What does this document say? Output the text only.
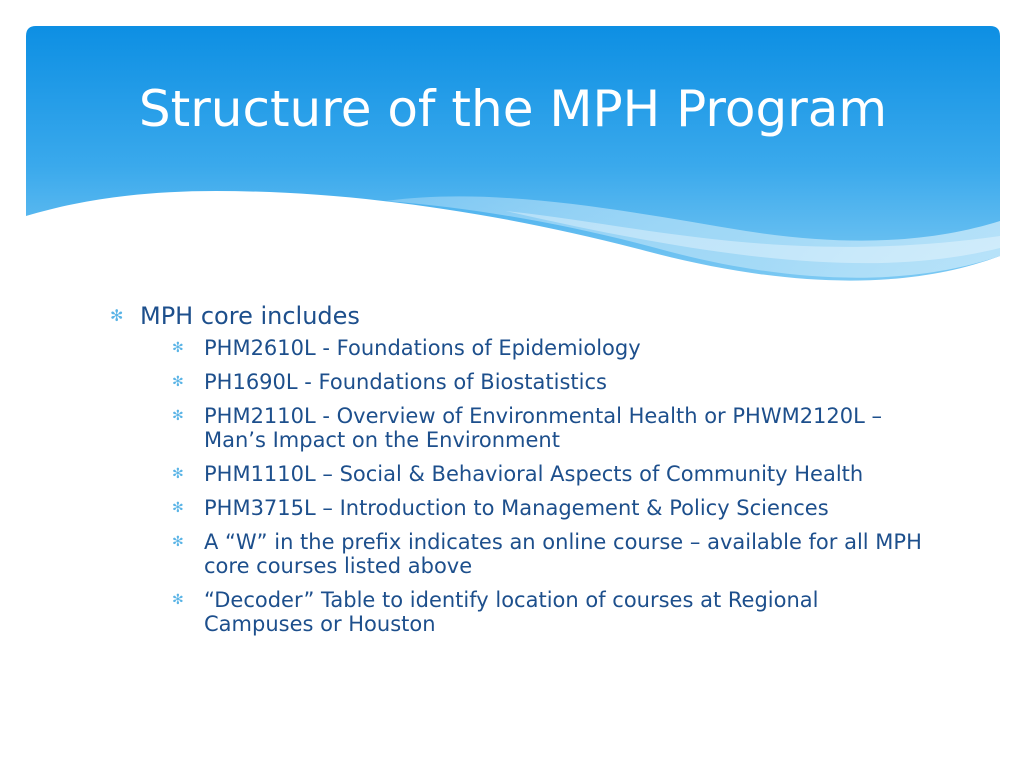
Structure of the MPH Program
✻ MPH core includes
✻ PHM2610L - Foundations of Epidemiology
✻ PH1690L - Foundations of Biostatistics
✻ PHM2110L - Overview of Environmental Health or PHWM2120L – Man’s Impact on the Environment
✻ PHM1110L – Social & Behavioral Aspects of Community Health
✻ PHM3715L – Introduction to Management & Policy Sciences
✻ A “W” in the prefix indicates an online course – available for all MPH core courses listed above
✻ “Decoder” Table to identify location of courses at Regional Campuses or Houston
